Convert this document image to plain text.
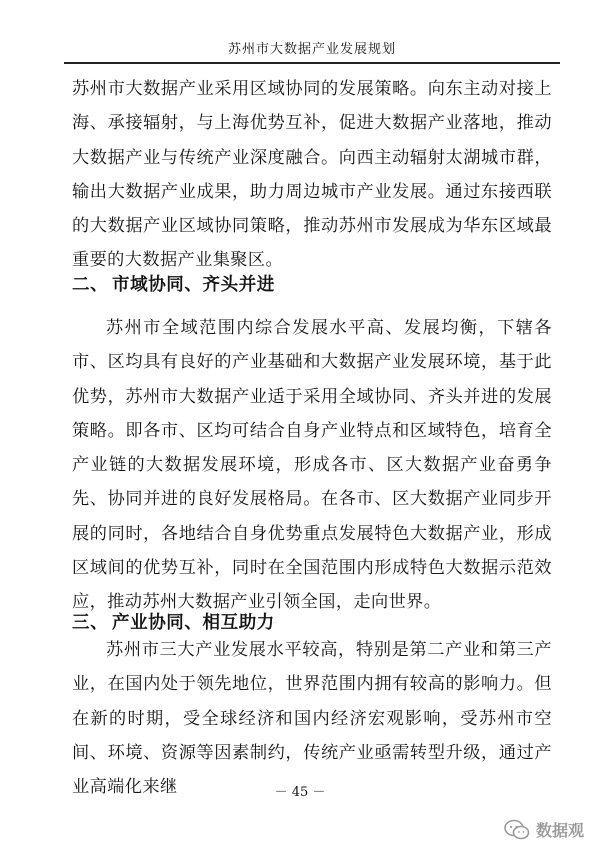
苏州市大数据产业发展规划
苏州市大数据产业采用区域协同的发展策略。向东主动对接上海、承接辐射，与上海优势互补，促进大数据产业落地，推动大数据产业与传统产业深度融合。向西主动辐射太湖城市群，输出大数据产业成果，助力周边城市产业发展。通过东接西联的大数据产业区域协同策略，推动苏州市发展成为华东区域最重要的大数据产业集聚区。
二、 市域协同、齐头并进
苏州市全域范围内综合发展水平高、发展均衡，下辖各市、区均具有良好的产业基础和大数据产业发展环境，基于此优势，苏州市大数据产业适于采用全域协同、齐头并进的发展策略。即各市、区均可结合自身产业特点和区域特色，培育全产业链的大数据发展环境，形成各市、区大数据产业奋勇争先、协同并进的良好发展格局。在各市、区大数据产业同步开展的同时，各地结合自身优势重点发展特色大数据产业，形成区域间的优势互补，同时在全国范围内形成特色大数据示范效应，推动苏州大数据产业引领全国，走向世界。
三、 产业协同、相互助力
苏州市三大产业发展水平较高，特别是第二产业和第三产业，在国内处于领先地位，世界范围内拥有较高的影响力。但在新的时期，受全球经济和国内经济宏观影响，受苏州市空间、环境、资源等因素制约，传统产业亟需转型升级，通过产业高端化来继	－ 45 －
数据观
